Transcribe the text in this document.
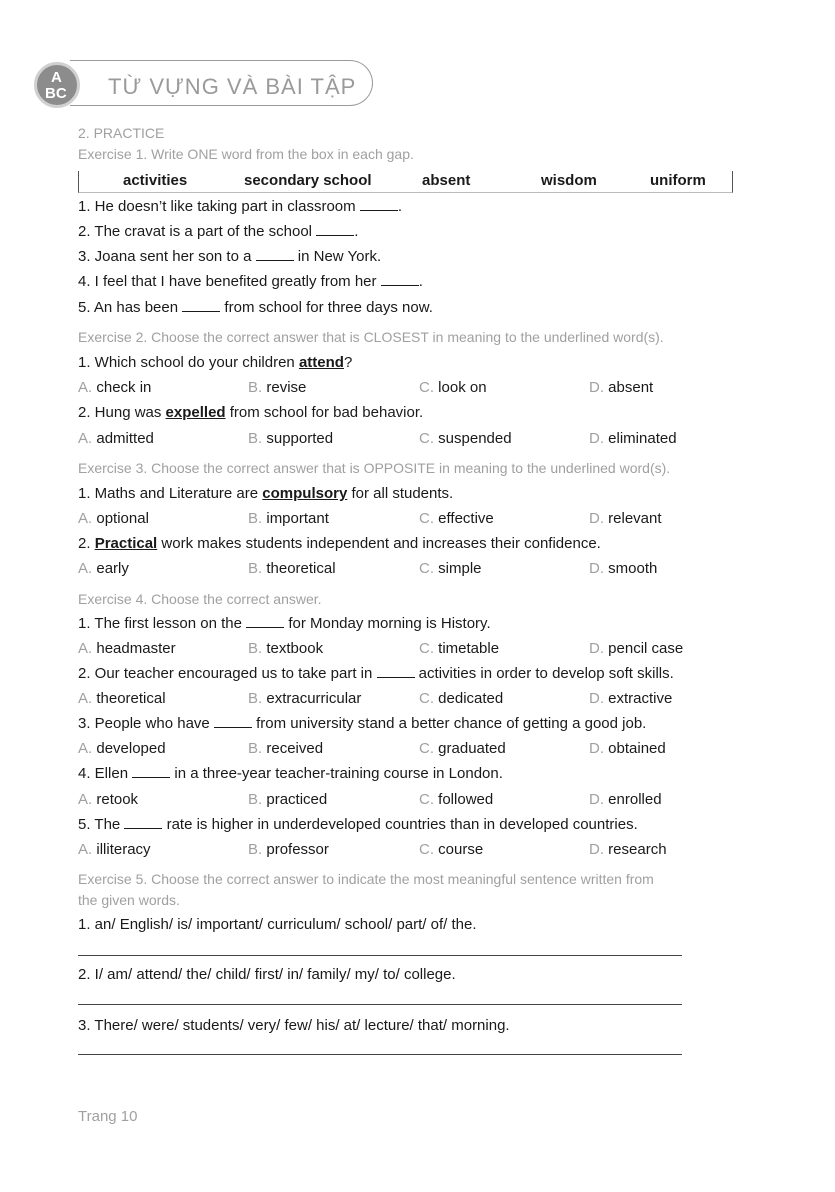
A
BC TỪ VỰNG VÀ BÀI TẬP
2. PRACTICE
Exercise 1. Write ONE word from the box in each gap.
activities	secondary school	absent	wisdom	uniform
1. He doesn’t like taking part in classroom	.
2. The cravat is a part of the school	.
3. Joana sent her son to a	in New York.
4. I feel that I have benefited greatly from her	.
5. An has been	from school for three days now.
Exercise 2. Choose the correct answer that is CLOSEST in meaning to the underlined word(s).
1. Which school do your children attend?
A. check in	B. revise	C. look on	D. absent
2. Hung was expelled from school for bad behavior.
A. admitted	B. supported	C. suspended	D. eliminated
Exercise 3. Choose the correct answer that is OPPOSITE in meaning to the underlined word(s).
1. Maths and Literature are compulsory for all students.
A. optional	B. important	C. effective	D. relevant
2. Practical work makes students independent and increases their confidence.
A. early	B. theoretical	C. simple	D. smooth
Exercise 4. Choose the correct answer.
1. The first lesson on the	for Monday morning is History.
A. headmaster	B. textbook	C. timetable	D. pencil case
2. Our teacher encouraged us to take part in	activities in order to develop soft skills.
A. theoretical	B. extracurricular	C. dedicated	D. extractive
3. People who have	from university stand a better chance of getting a good job.
A. developed	B. received	C. graduated	D. obtained
4. Ellen	in a three-year teacher-training course in London.
A. retook	B. practiced	C. followed	D. enrolled
5. The	rate is higher in underdeveloped countries than in developed countries.
A. illiteracy	B. professor	C. course	D. research
Exercise 5. Choose the correct answer to indicate the most meaningful sentence written from
the given words.
1. an/ English/ is/ important/ curriculum/ school/ part/ of/ the.
2. I/ am/ attend/ the/ child/ first/ in/ family/ my/ to/ college.
3. There/ were/ students/ very/ few/ his/ at/ lecture/ that/ morning.
Trang 10
